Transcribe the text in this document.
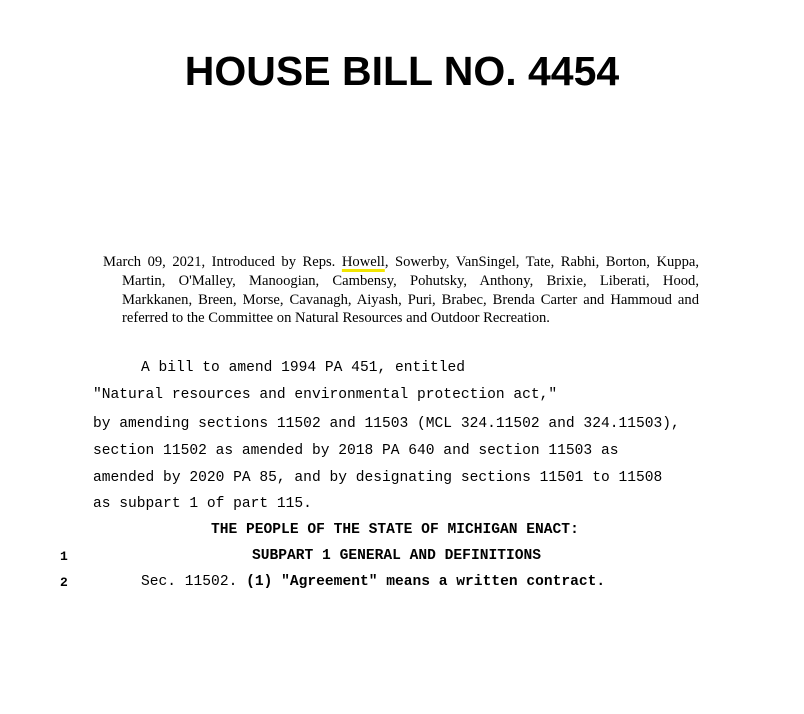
HOUSE BILL NO. 4454
March 09, 2021, Introduced by Reps. Howell, Sowerby, VanSingel, Tate, Rabhi, Borton, Kuppa,
Martin, O'Malley, Manoogian, Cambensy, Pohutsky, Anthony, Brixie, Liberati, Hood,
Markkanen, Breen, Morse, Cavanagh, Aiyash, Puri, Brabec, Brenda Carter and Hammoud and
referred to the Committee on Natural Resources and Outdoor Recreation.
A bill to amend 1994 PA 451, entitled
"Natural resources and environmental protection act,"
by amending sections 11502 and 11503 (MCL 324.11502 and 324.11503),
section 11502 as amended by 2018 PA 640 and section 11503 as
amended by 2020 PA 85, and by designating sections 11501 to 11508
as subpart 1 of part 115.
THE PEOPLE OF THE STATE OF MICHIGAN ENACT:
1	SUBPART 1 GENERAL AND DEFINITIONS
2	Sec. 11502. (1) "Agreement" means a written contract.
